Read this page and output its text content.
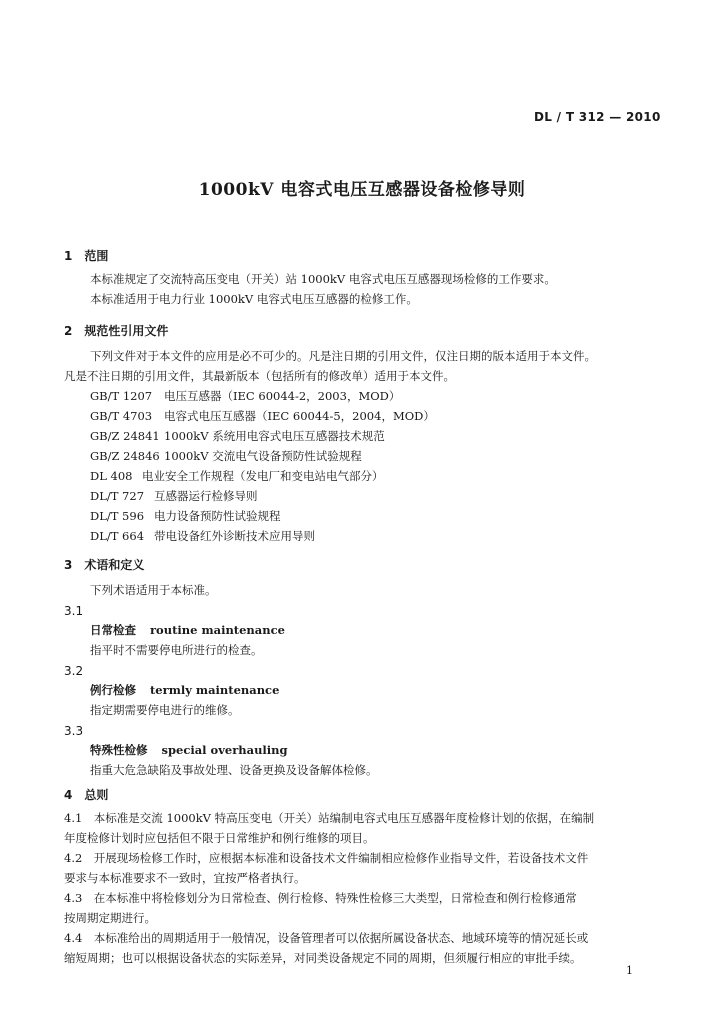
DL / T 312 — 2010
1000kV 电容式电压互感器设备检修导则
1　范围
本标准规定了交流特高压变电（开关）站 1000kV 电容式电压互感器现场检修的工作要求。
本标准适用于电力行业 1000kV 电容式电压互感器的检修工作。
2　规范性引用文件
下列文件对于本文件的应用是必不可少的。凡是注日期的引用文件，仅注日期的版本适用于本文件。
凡是不注日期的引用文件，其最新版本（包括所有的修改单）适用于本文件。
GB/T 1207 电压互感器（IEC 60044-2，2003，MOD）
GB/T 4703 电容式电压互感器（IEC 60044-5，2004，MOD）
GB/Z 24841 1000kV 系统用电容式电压互感器技术规范
GB/Z 24846 1000kV 交流电气设备预防性试验规程
DL 408 电业安全工作规程（发电厂和变电站电气部分）
DL/T 727 互感器运行检修导则
DL/T 596 电力设备预防性试验规程
DL/T 664 带电设备红外诊断技术应用导则
3　术语和定义
下列术语适用于本标准。
3.1
日常检查 routine maintenance
指平时不需要停电所进行的检查。
3.2
例行检修 termly maintenance
指定期需要停电进行的维修。
3.3
特殊性检修 special overhauling
指重大危急缺陷及事故处理、设备更换及设备解体检修。
4　总则
4.1　本标准是交流 1000kV 特高压变电（开关）站编制电容式电压互感器年度检修计划的依据，在编制
年度检修计划时应包括但不限于日常维护和例行维修的项目。
4.2　开展现场检修工作时，应根据本标准和设备技术文件编制相应检修作业指导文件，若设备技术文件
要求与本标准要求不一致时，宜按严格者执行。
4.3　在本标准中将检修划分为日常检查、例行检修、特殊性检修三大类型，日常检查和例行检修通常
按周期定期进行。
4.4　本标准给出的周期适用于一般情况，设备管理者可以依据所属设备状态、地域环境等的情况延长或
缩短周期；也可以根据设备状态的实际差异，对同类设备规定不同的周期，但须履行相应的审批手续。
1
